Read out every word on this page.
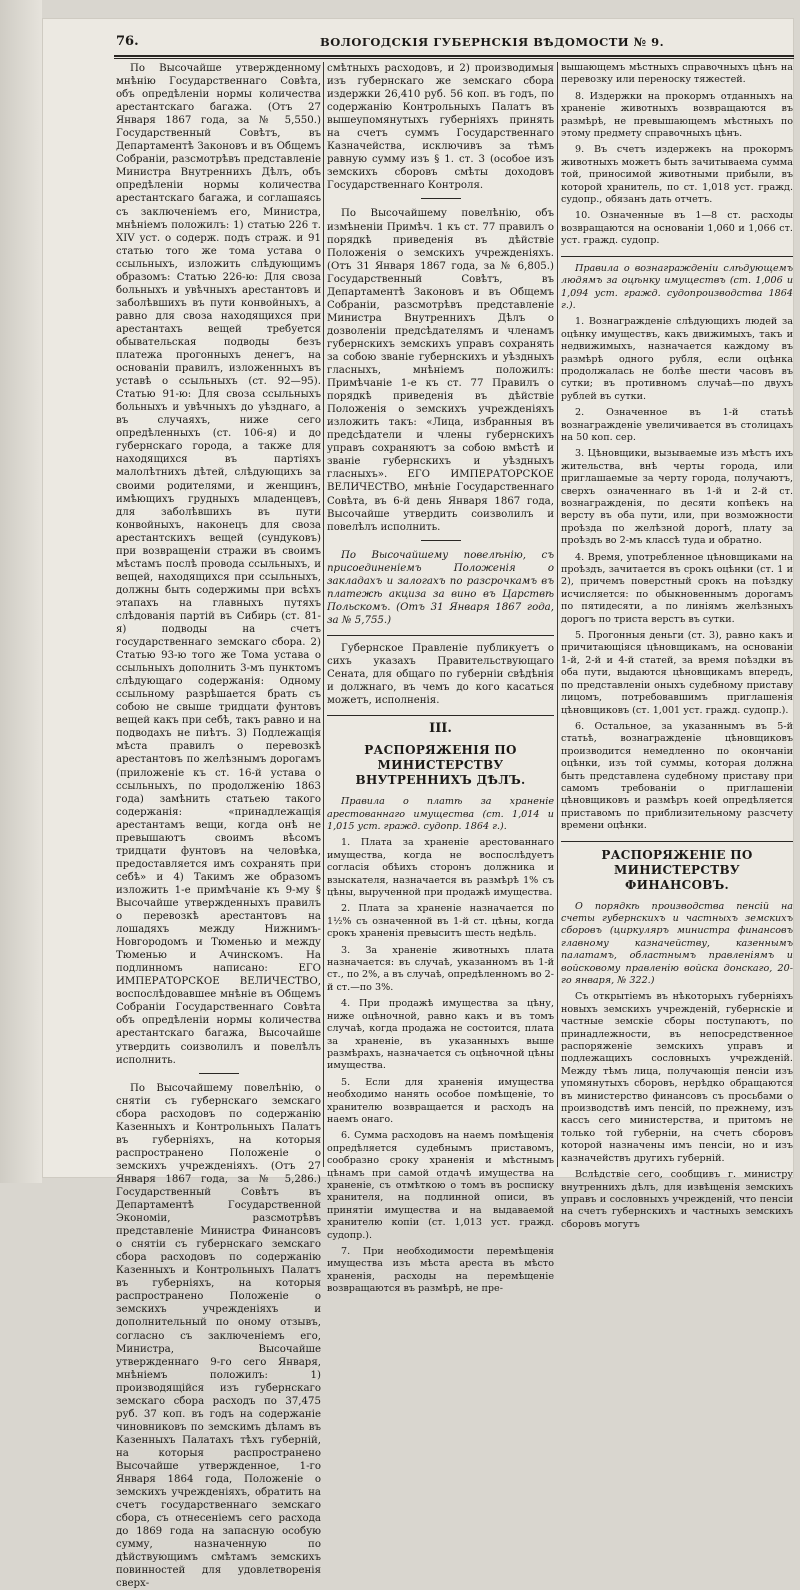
76.	ВОЛОГОДСКІЯ ГУБЕРНСКІЯ ВѢДОМОСТИ № 9.

По Высочайше утвержденному мнѣнію Государственнаго Совѣта, объ опредѣленіи нормы количества арестантскаго багажа. (Отъ 27 Января 1867 года, за № 5,550.) Государственный Совѣтъ, въ Департаментѣ Законовъ и въ Общемъ Собраніи, разсмотрѣвъ представленіе Министра Внутреннихъ Дѣлъ, объ опредѣленіи нормы количества арестантскаго багажа, и соглашаясь съ заключеніемъ его, Министра, мнѣніемъ положилъ: 1) статью 226 т. XIV уст. о содерж. подъ страж. и 91 статью того же тома устава о ссыльныхъ, изложить слѣдующимъ образомъ: Статью 226-ю: Для своза больныхъ и увѣчныхъ арестантовъ и заболѣвшихъ въ пути конвойныхъ, а равно для своза находящихся при арестантахъ вещей требуется обывательская подводы безъ платежа прогонныхъ денегъ, на основаніи правилъ, изложенныхъ въ уставѣ о ссыльныхъ (ст. 92—95). Статью 91-ю: Для своза ссыльныхъ больныхъ и увѣчныхъ до уѣзднаго, а въ случаяхъ, ниже сего опредѣленныхъ (ст. 106-я) и до губернскаго города, а также для находящихся въ партіяхъ малолѣтнихъ дѣтей, слѣдующихъ за своими родителями, и женщинъ, имѣющихъ грудныхъ младенцевъ, для заболѣвшихъ въ пути конвойныхъ, наконецъ для своза арестантскихъ вещей (сундуковъ) при возвращеніи стражи въ своимъ мѣстамъ послѣ провода ссыльныхъ, и вещей, находящихся при ссыльныхъ, должны быть содержимы при всѣхъ этапахъ на главныхъ путяхъ слѣдованія партій въ Сибирь (ст. 81-я) подводы на счетъ государственнаго земскаго сбора. 2) Статью 93-ю того же Тома устава о ссыльныхъ дополнить 3-мъ пунктомъ слѣдующаго содержанія: Одному ссыльному разрѣшается брать съ собою не свыше тридцати фунтовъ вещей какъ при себѣ, такъ равно и на подводахъ не пиѣтъ. 3) Подлежащія мѣста правилъ о перевозкѣ арестантовъ по желѣзнымъ дорогамъ (приложеніе къ ст. 16-й устава о ссыльныхъ, по продолженію 1863 года) замѣнить статьею такого содержанія: «принадлежащія арестантамъ вещи, когда онѣ не превышаютъ своимъ вѣсомъ тридцати фунтовъ на человѣка, предоставляется имъ сохранять при себѣ» и 4) Такимъ же образомъ изложить 1-е примѣчаніе къ 9-му § Высочайше утвержденныхъ правилъ о перевозкѣ арестантовъ на лошадяхъ между Нижнимъ-Новгородомъ и Тюменью и между Тюменью и Ачинскомъ. На подлинномъ написано: ЕГО ИМПЕРАТОРСКОЕ ВЕЛИЧЕСТВО, воспослѣдовавшее мнѣніе въ Общемъ Собраніи Государственнаго Совѣта объ опредѣленіи нормы количества арестантскаго багажа, Высочайше утвердить соизволилъ и повелѣлъ исполнить.

По Высочайшему повелѣнію, о снятіи съ губернскаго земскаго сбора расходовъ по содержанію Казенныхъ и Контрольныхъ Палатъ въ губерніяхъ, на которыя распространено Положеніе о земскихъ учрежденіяхъ. (Отъ 27 Января 1867 года, за № 5,286.) Государственный Совѣтъ въ Департаментѣ Государственной Экономіи, разсмотрѣвъ представленіе Министра Финансовъ о снятіи съ губернскаго земскаго сбора расходовъ по содержанію Казенныхъ и Контрольныхъ Палатъ въ губерніяхъ, на которыя распространено Положеніе о земскихъ учрежденіяхъ и дополнительный по оному отзывъ, согласно съ заключеніемъ его, Министра, Высочайше утвержденнаго 9-го сего Января, мнѣніемъ положилъ: 1) производящійся изъ губернскаго земскаго сбора расходъ по 37,475 руб. 37 коп. въ годъ на содержаніе чиновниковъ по земскимъ дѣламъ въ Казенныхъ Палатахъ тѣхъ губерній, на которыя распространено Высочайше утвержденное, 1-го Января 1864 года, Положеніе о земскихъ учрежденіяхъ, обратить на счетъ государственнаго земскаго сбора, съ отнесеніемъ сего расхода до 1869 года на запасную особую сумму, назначенную по дѣйствующимъ смѣтамъ земскихъ повинностей для удовлетворенія сверх-

смѣтныхъ расходовъ, и 2) производимыя изъ губернскаго же земскаго сбора издержки 26,410 руб. 56 коп. въ годъ, по содержанію Контрольныхъ Палатъ въ вышеупомянутыхъ губерніяхъ принять на счетъ суммъ Государственнаго Казначейства, исключивъ за тѣмъ равную сумму изъ § 1. ст. 3 (особое изъ земскихъ сборовъ смѣты доходовъ Государственнаго Контроля.

По Высочайшему повелѣнію, объ измѣненіи Примѣч. 1 къ ст. 77 правилъ о порядкѣ приведенія въ дѣйствіе Положенія о земскихъ учрежденіяхъ. (Отъ 31 Января 1867 года, за № 6,805.) Государственный Совѣтъ, въ Департаментѣ Законовъ и въ Общемъ Собраніи, разсмотрѣвъ представленіе Министра Внутреннихъ Дѣлъ о дозволеніи предсѣдателямъ и членамъ губернскихъ земскихъ управъ сохранять за собою званіе губернскихъ и уѣздныхъ гласныхъ, мнѣніемъ положилъ: Примѣчаніе 1-е къ ст. 77 Правилъ о порядкѣ приведенія въ дѣйствіе Положенія о земскихъ учрежденіяхъ изложить такъ: «Лица, избранныя въ предсѣдатели и члены губернскихъ управъ сохраняютъ за собою вмѣстѣ и званіе губернскихъ и уѣздныхъ гласныхъ». ЕГО ИМПЕРАТОРСКОЕ ВЕЛИЧЕСТВО, мнѣніе Государственнаго Совѣта, въ 6-й день Января 1867 года, Высочайше утвердить соизволилъ и повелѣлъ исполнить.

По Высочайшему повелѣнію, съ присоединеніемъ Положенія о закладахъ и залогахъ по разсрочкамъ въ платежѣ акциза за вино въ Царствѣ Польскомъ. (Отъ 31 Января 1867 года, за № 5,755.)

Губернское Правленіе публикуетъ о сихъ указахъ Правительствующаго Сената, для общаго по губерніи свѣдѣнія и должнаго, въ чемъ до кого касаться можетъ, исполненія.

III.
РАСПОРЯЖЕНІЯ ПО МИНИСТЕРСТВУ ВНУТРЕННИХЪ ДѢЛЪ.

Правила о платѣ за храненіе арестованнаго имущества (ст. 1,014 и 1,015 уст. гражд. судопр. 1864 г.).

1. Плата за храненіе арестованнаго имущества, когда не воспослѣдуетъ согласія обѣихъ сторонъ должника и взыскателя, назначается въ размѣрѣ 1% съ цѣны, вырученной при продажѣ имущества.

2. Плата за храненіе назначается по 1½% съ означенной въ 1-й ст. цѣны, когда срокъ храненія превыситъ шесть недѣль.

3. За храненіе животныхъ плата назначается: въ случаѣ, указанномъ въ 1-й ст., по 2%, а въ случаѣ, опредѣленномъ во 2-й ст.—по 3%.

4. При продажѣ имущества за цѣну, ниже оцѣночной, равно какъ и въ томъ случаѣ, когда продажа не состоится, плата за храненіе, въ указанныхъ выше размѣрахъ, назначается съ оцѣночной цѣны имущества.

5. Если для храненія имущества необходимо нанять особое помѣщеніе, то хранителю возвращается и расходъ на наемъ онаго.

6. Сумма расходовъ на наемъ помѣщенія опредѣляется судебнымъ приставомъ, сообразно сроку храненія и мѣстнымъ цѣнамъ при самой отдачѣ имущества на храненіе, съ отмѣткою о томъ въ росписку хранителя, на подлинной описи, въ принятіи имущества и на выдаваемой хранителю копіи (ст. 1,013 уст. гражд. судопр.).

7. При необходимости перемѣщенія имущества изъ мѣста ареста въ мѣсто храненія, расходы на перемѣщеніе возвращаются въ размѣрѣ, не пре-

вышающемъ мѣстныхъ справочныхъ цѣнъ на перевозку или переноску тяжестей.

8. Издержки на прокормъ отданныхъ на храненіе животныхъ возвращаются въ размѣрѣ, не превышающемъ мѣстныхъ по этому предмету справочныхъ цѣнъ.

9. Въ счетъ издержекъ на прокормъ животныхъ можетъ быть зачитываема сумма той, приносимой животными прибыли, въ которой хранитель, по ст. 1,018 уст. гражд. судопр., обязанъ дать отчетъ.

10. Означенные въ 1—8 ст. расходы возвращаются на основаніи 1,060 и 1,066 ст. уст. гражд. судопр.

Правила о вознагражденіи слѣдующемъ людямъ за оцѣнку имуществъ (ст. 1,006 и 1,094 уст. гражд. судопроизводства 1864 г.).

1. Вознагражденіе слѣдующихъ людей за оцѣнку имуществъ, какъ движимыхъ, такъ и недвижимыхъ, назначается каждому въ размѣрѣ одного рубля, если оцѣнка продолжалась не болѣе шести часовъ въ сутки; въ противномъ случаѣ—по двухъ рублей въ сутки.

2. Означенное въ 1-й статьѣ вознагражденіе увеличивается въ столицахъ на 50 коп. сер.

3. Цѣновщики, вызываемые изъ мѣстъ ихъ жительства, внѣ черты города, или приглашаемые за черту города, получаютъ, сверхъ означеннаго въ 1-й и 2-й ст. вознагражденія, по десяти копѣекъ на версту въ оба пути, или, при возможности проѣзда по желѣзной дорогѣ, плату за проѣздъ во 2-мъ классѣ туда и обратно.

4. Время, употребленное цѣновщиками на проѣздъ, зачитается въ срокъ оцѣнки (ст. 1 и 2), причемъ поверстный срокъ на поѣздку исчисляется: по обыкновеннымъ дорогамъ по пятидесяти, а по линіямъ желѣзныхъ дорогъ по триста верстъ въ сутки.

5. Прогонныя деньги (ст. 3), равно какъ и причитающіяся цѣновщикамъ, на основаніи 1-й, 2-й и 4-й статей, за время поѣздки въ оба пути, выдаются цѣновщикамъ впередъ, по представленіи оныхъ судебному приставу лицомъ, потребовавшимъ приглашенія цѣновщиковъ (ст. 1,001 уст. гражд. судопр.).

6. Остальное, за указаннымъ въ 5-й статьѣ, вознагражденіе цѣновщиковъ производится немедленно по окончаніи оцѣнки, изъ той суммы, которая должна быть представлена судебному приставу при самомъ требованіи о приглашеніи цѣновщиковъ и размѣръ коей опредѣляется приставомъ по приблизительному разсчету времени оцѣнки.

РАСПОРЯЖЕНІЕ ПО МИНИСТЕРСТВУ ФИНАНСОВЪ.

О порядкѣ производства пенсій на счеты губернскихъ и частныхъ земскихъ сборовъ (циркуляръ министра финансовъ главному казначейству, казеннымъ палатамъ, областнымъ правленіямъ и войсковому правленію войска донскаго, 20-го января, № 322.)

Съ открытіемъ въ нѣкоторыхъ губерніяхъ новыхъ земскихъ учрежденій, губернскіе и частные земскіе сборы поступаютъ, по принадлежности, въ непосредственное распоряженіе земскихъ управъ и подлежащихъ сословныхъ учрежденій. Между тѣмъ лица, получающія пенсіи изъ упомянутыхъ сборовъ, нерѣдко обращаются въ министерство финансовъ съ просьбами о производствѣ имъ пенсій, по прежнему, изъ кассъ сего министерства, и притомъ не только той губерніи, на счетъ сборовъ которой назначены имъ пенсіи, но и изъ казначействъ другихъ губерній.

Вслѣдствіе сего, сообщивъ г. министру внутреннихъ дѣлъ, для извѣщенія земскихъ управъ и сословныхъ учрежденій, что пенсіи на счетъ губернскихъ и частныхъ земскихъ сборовъ могутъ
